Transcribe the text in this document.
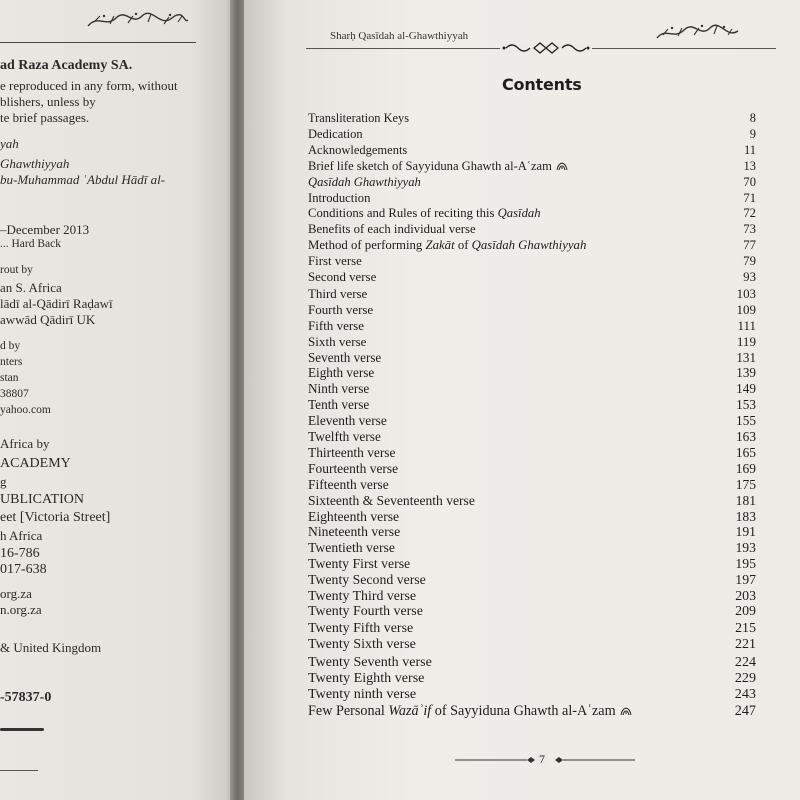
ad Raza Academy SA.
e reproduced in any form, without
blishers, unless by
te brief passages.
yah
Ghawthiyyah
bu-Muhammad ʿAbdul Hādī al-
–December 2013
... Hard Back
rout by
an S. Africa
lādī al-Qādirī Raḍawī
awwād Qādirī UK
d by
nters
stan
38807
yahoo.com
Africa by
ACADEMY
g
UBLICATION
eet [Victoria Street]
h Africa
16-786
017-638
org.za
n.org.za
& United Kingdom
-57837-0
Sharḥ Qasīdah al-Ghawthiyyah
Contents
Transliteration Keys	8
Dedication	9
Acknowledgements	11
Brief life sketch of Sayyiduna Ghawth al-Aʿzam	13
Qasīdah Ghawthiyyah	70
Introduction	71
Conditions and Rules of reciting this Qasīdah	72
Benefits of each individual verse	73
Method of performing Zakāt of Qasīdah Ghawthiyyah	77
First verse	79
Second verse	93
Third verse	103
Fourth verse	109
Fifth verse	111
Sixth verse	119
Seventh verse	131
Eighth verse	139
Ninth verse	149
Tenth verse	153
Eleventh verse	155
Twelfth verse	163
Thirteenth verse	165
Fourteenth verse	169
Fifteenth verse	175
Sixteenth & Seventeenth verse	181
Eighteenth verse	183
Nineteenth verse	191
Twentieth verse	193
Twenty First verse	195
Twenty Second verse	197
Twenty Third verse	203
Twenty Fourth verse	209
Twenty Fifth verse	215
Twenty Sixth verse	221
Twenty Seventh verse	224
Twenty Eighth verse	229
Twenty ninth verse	243
Few Personal Wazāʾif of Sayyiduna Ghawth al-Aʿzam	247
7
